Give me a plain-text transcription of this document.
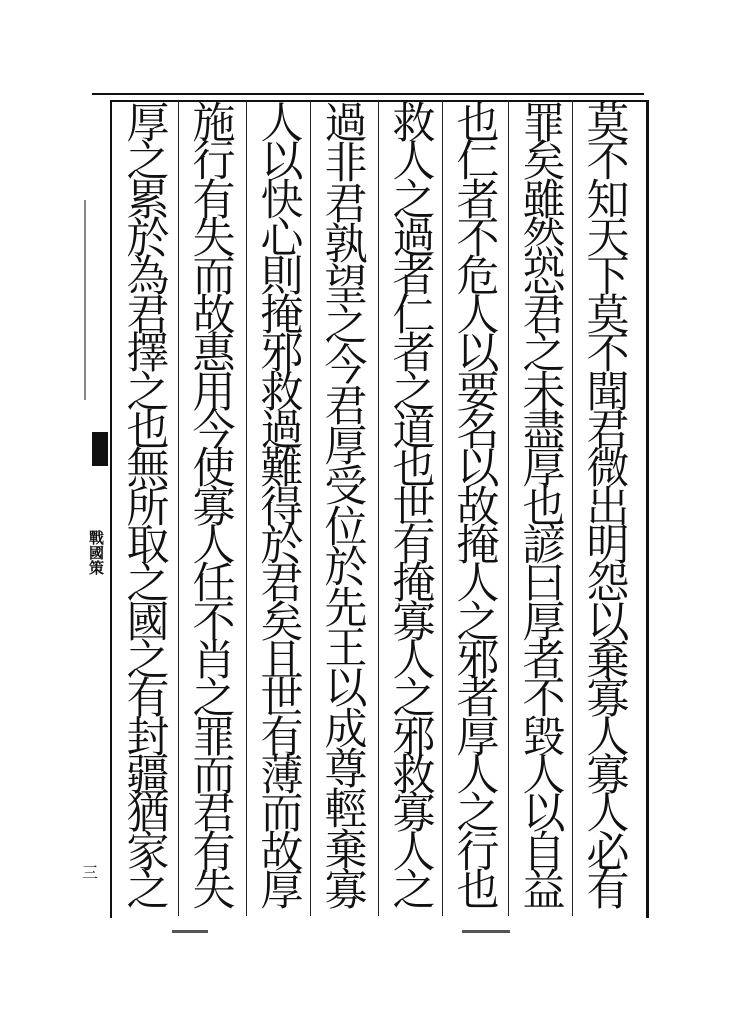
戰國策
三
莫
不
知
天
下
莫
不
聞
君
微
出
明
怨
以
棄
寡
人
寡
人
必
有
罪
矣
雖
然
恐
君
之
未
盡
厚
也
諺
曰
厚
者
不
毀
人
以
自
益
也
仁
者
不
危
人
以
要
名
以
故
掩
人
之
邪
者
厚
人
之
行
也
救
人
之
過
者
仁
者
之
道
也
世
有
掩
寡
人
之
邪
救
寡
人
之
過
非
君
孰
望
之
今
君
厚
受
位
於
先
王
以
成
尊
輕
棄
寡
人
以
快
心
則
掩
邪
救
過
難
得
於
君
矣
且
世
有
薄
而
故
厚
施
行
有
失
而
故
惠
用
今
使
寡
人
任
不
肖
之
罪
而
君
有
失
厚
之
累
於
為
君
擇
之
也
無
所
取
之
國
之
有
封
疆
猶
家
之
